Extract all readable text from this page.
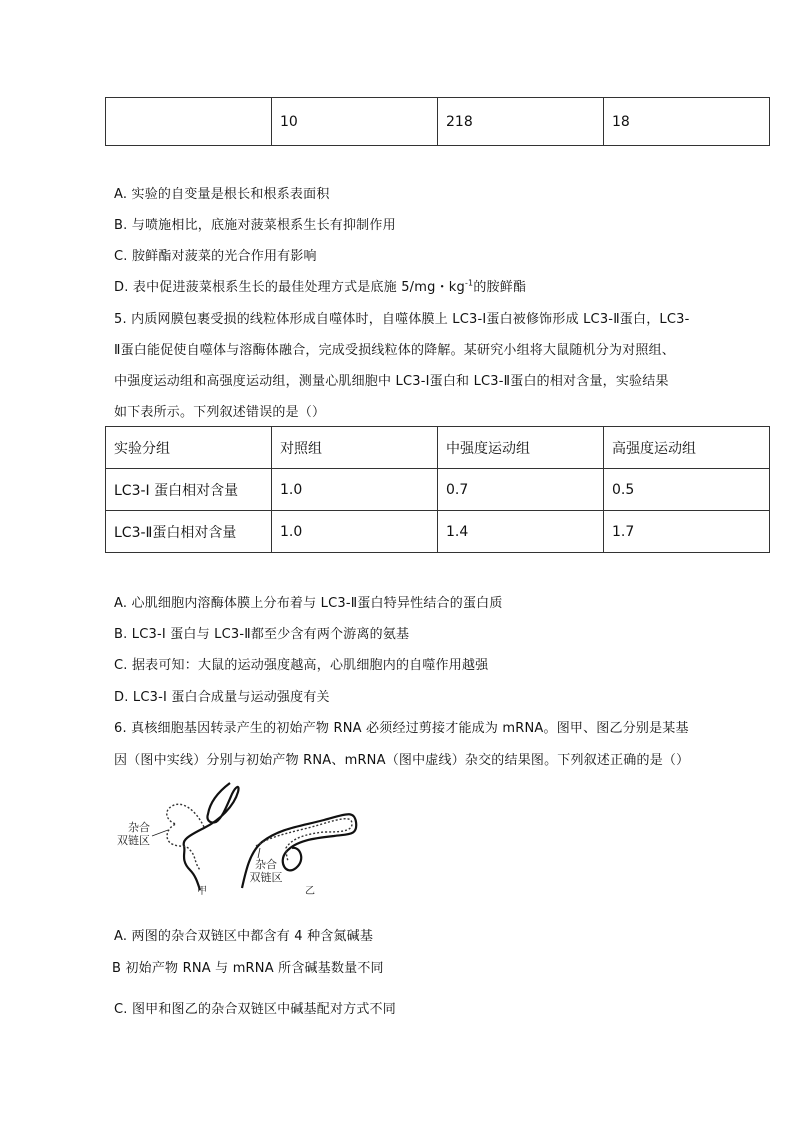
	10	218	18
A. 实验的自变量是根长和根系表面积
B. 与喷施相比，底施对菠菜根系生长有抑制作用
C. 胺鲜酯对菠菜的光合作用有影响
D. 表中促进菠菜根系生长的最佳处理方式是底施 5/mg・$kg^{-1}$的胺鲜酯
5. 内质网膜包裹受损的线粒体形成自噬体时，自噬体膜上 LC3-Ⅰ蛋白被修饰形成 LC3-Ⅱ蛋白，LC3-
Ⅱ蛋白能促使自噬体与溶酶体融合，完成受损线粒体的降解。某研究小组将大鼠随机分为对照组、
中强度运动组和高强度运动组，测量心肌细胞中 LC3-Ⅰ蛋白和 LC3-Ⅱ蛋白的相对含量，实验结果
如下表所示。下列叙述错误的是（）
实验分组	对照组	中强度运动组	高强度运动组
LC3-I 蛋白相对含量	1.0	0.7	0.5
LC3-Ⅱ蛋白相对含量	1.0	1.4	1.7
A. 心肌细胞内溶酶体膜上分布着与 LC3-Ⅱ蛋白特异性结合的蛋白质
B. LC3-I 蛋白与 LC3-Ⅱ都至少含有两个游离的氨基
C. 据表可知：大鼠的运动强度越高，心肌细胞内的自噬作用越强
D. LC3-I 蛋白合成量与运动强度有关
6. 真核细胞基因转录产生的初始产物 RNA 必须经过剪接才能成为 mRNA。图甲、图乙分别是某基
因（图中实线）分别与初始产物 RNA、mRNA（图中虚线）杂交的结果图。下列叙述正确的是（）
杂合
双链区
甲
杂合
双链区
乙
A. 两图的杂合双链区中都含有 4 种含氮碱基
B 初始产物 RNA 与 mRNA 所含碱基数量不同
C. 图甲和图乙的杂合双链区中碱基配对方式不同
